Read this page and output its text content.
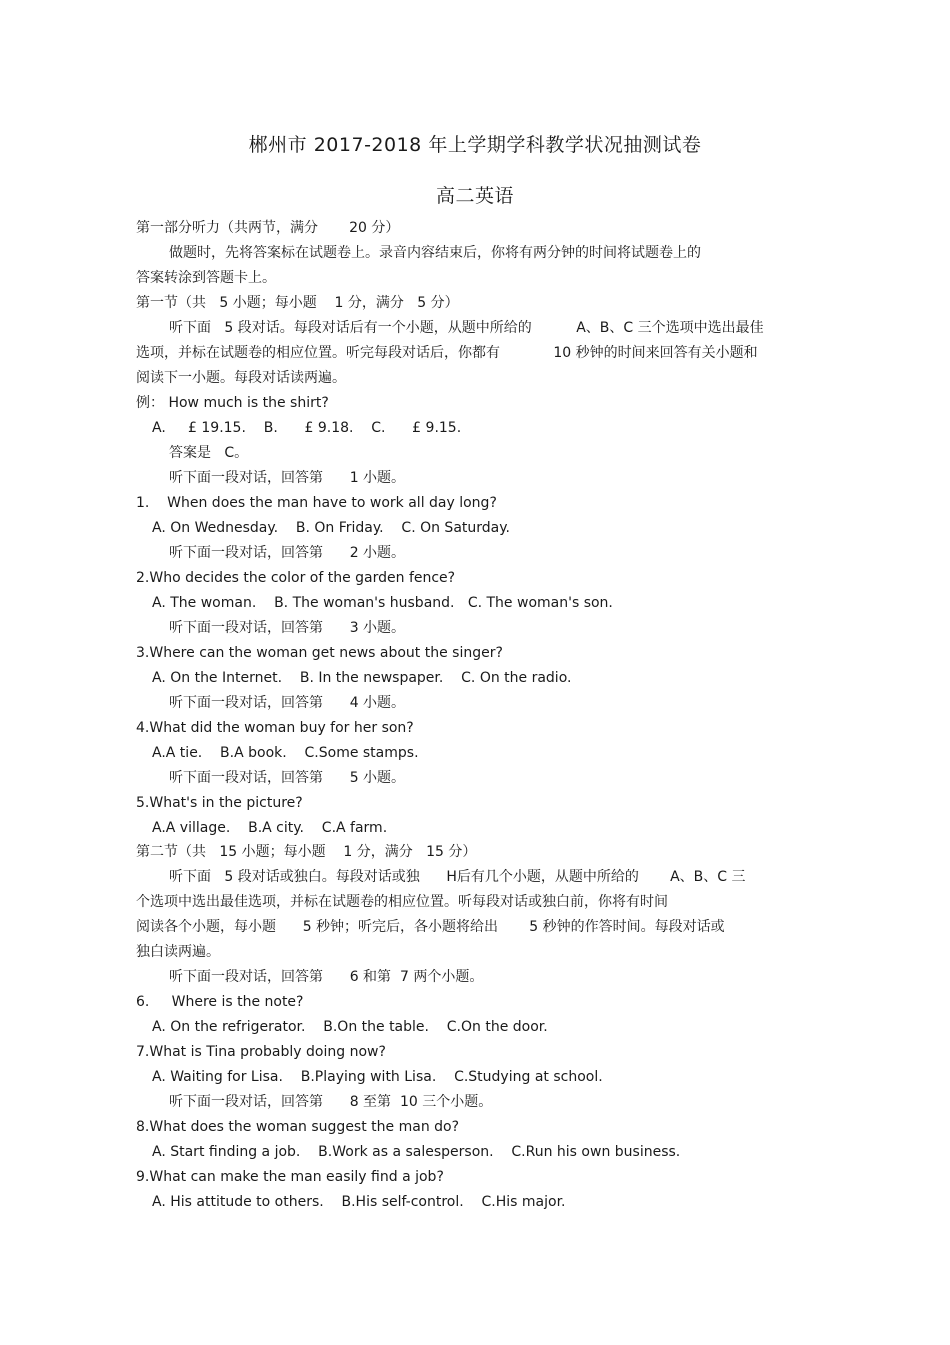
郴州市 2017-2018 年上学期学科教学状况抽测试卷
高二英语
第一部分听力（共两节，满分       20 分）
做题时，先将答案标在试题卷上。录音内容结束后，你将有两分钟的时间将试题卷上的
答案转涂到答题卡上。
第一节（共   5 小题；每小题    1 分，满分   5 分）
听下面   5 段对话。每段对话后有一个小题，从题中所给的          A、B、C 三个选项中选出最佳
选项，并标在试题卷的相应位置。听完每段对话后，你都有            10 秒钟的时间来回答有关小题和
阅读下一小题。每段对话读两遍。
例： How much is the shirt?
A.     £ 19.15.    B.      £ 9.18.    C.      £ 9.15.
答案是   C。
听下面一段对话，回答第      1 小题。
1.    When does the man have to work all day long?
A. On Wednesday.    B. On Friday.    C. On Saturday.
听下面一段对话，回答第      2 小题。
2.Who decides the color of the garden fence?
A. The woman.    B. The woman's husband.   C. The woman's son.
听下面一段对话，回答第      3 小题。
3.Where can the woman get news about the singer?
A. On the Internet.    B. In the newspaper.    C. On the radio.
听下面一段对话，回答第      4 小题。
4.What did the woman buy for her son?
A.A tie.    B.A book.    C.Some stamps.
听下面一段对话，回答第      5 小题。
5.What's in the picture?
A.A village.    B.A city.    C.A farm.
第二节（共   15 小题；每小题    1 分，满分   15 分）
听下面   5 段对话或独白。每段对话或独      H后有几个小题，从题中所给的       A、B、C 三
个选项中选出最佳选项，并标在试题卷的相应位置。听每段对话或独白前，你将有时间
阅读各个小题，每小题      5 秒钟；听完后，各小题将给出       5 秒钟的作答时间。每段对话或
独白读两遍。
听下面一段对话，回答第      6 和第  7 两个小题。
6.     Where is the note?
A. On the refrigerator.    B.On the table.    C.On the door.
7.What is Tina probably doing now?
A. Waiting for Lisa.    B.Playing with Lisa.    C.Studying at school.
听下面一段对话，回答第      8 至第  10 三个小题。
8.What does the woman suggest the man do?
A. Start finding a job.    B.Work as a salesperson.    C.Run his own business.
9.What can make the man easily find a job?
A. His attitude to others.    B.His self-control.    C.His major.
